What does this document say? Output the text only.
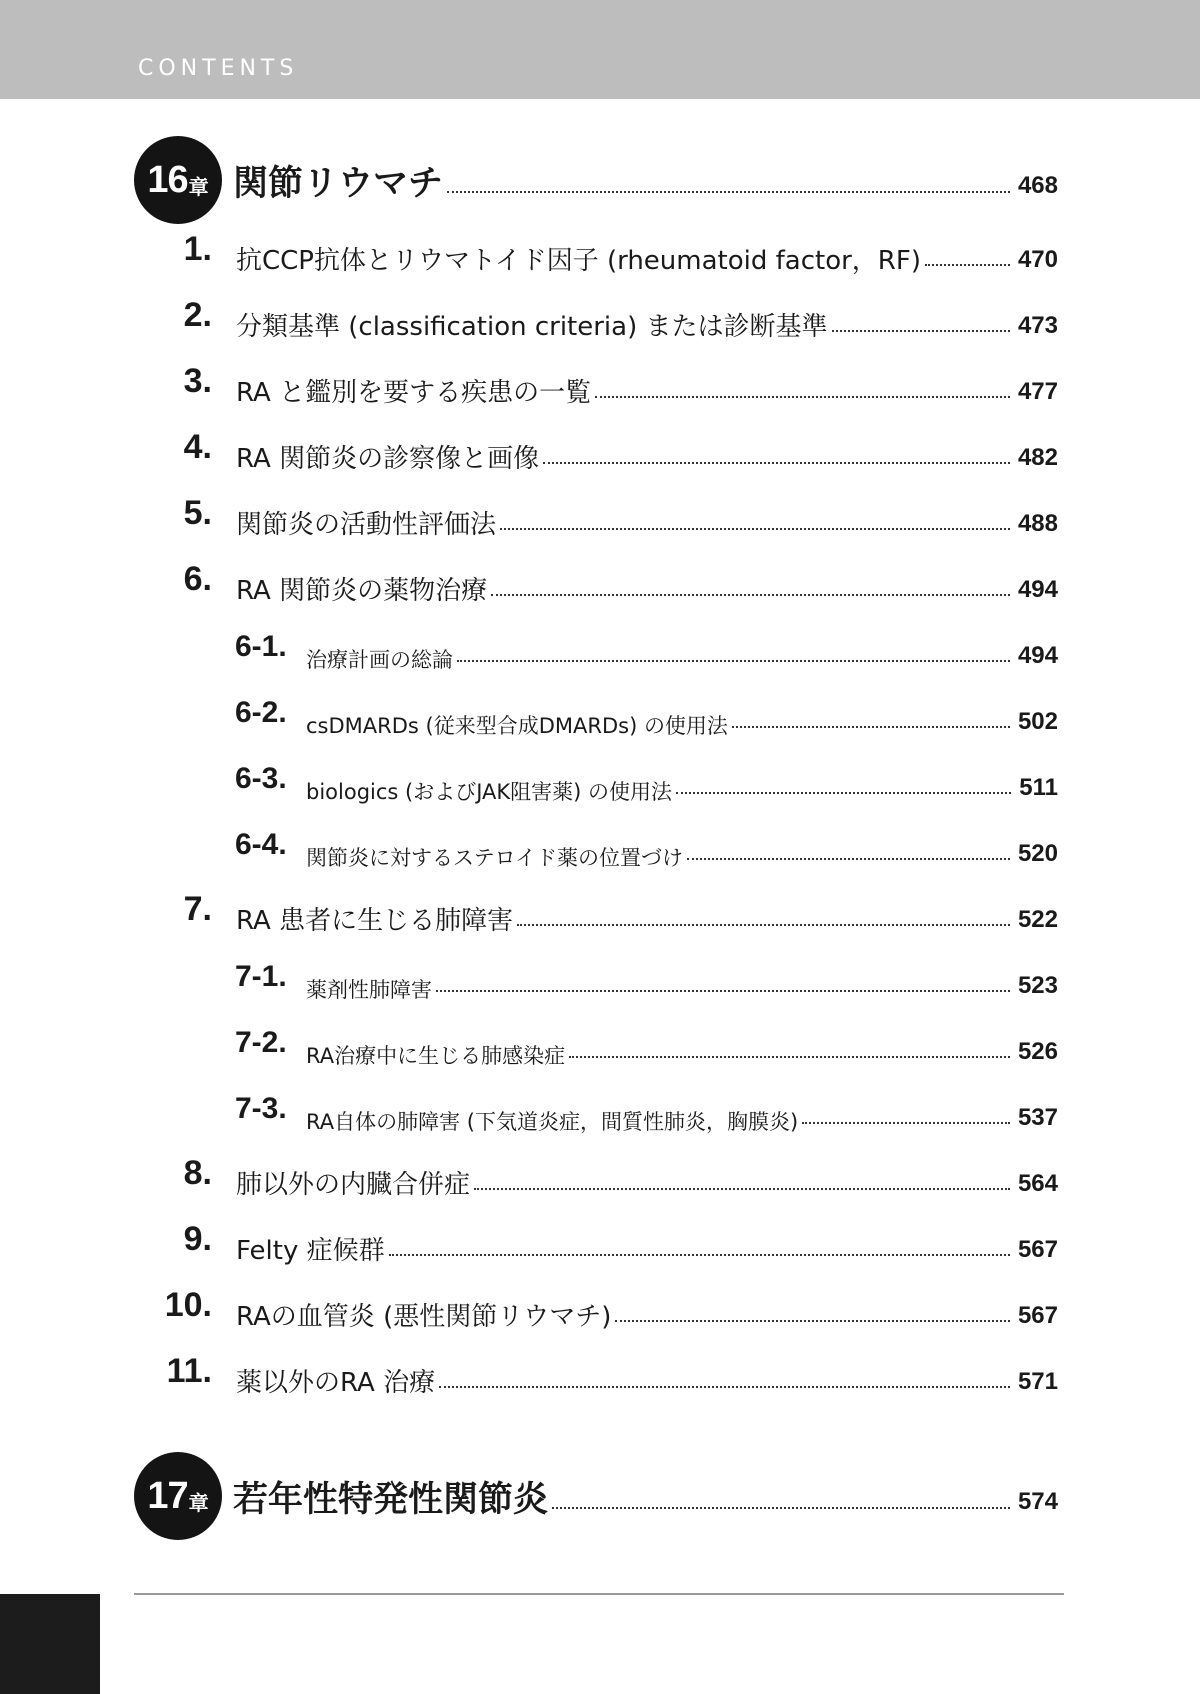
CONTENTS
16 章 関節リウマチ	468
1. 抗CCP抗体とリウマトイド因子 (rheumatoid factor，RF)	470
2. 分類基準 (classification criteria) または診断基準	473
3. RA と鑑別を要する疾患の一覧	477
4. RA 関節炎の診察像と画像	482
5. 関節炎の活動性評価法	488
6. RA 関節炎の薬物治療	494
6-1. 治療計画の総論	494
6-2. csDMARDs (従来型合成DMARDs) の使用法	502
6-3. biologics (およびJAK阻害薬) の使用法	511
6-4. 関節炎に対するステロイド薬の位置づけ	520
7. RA 患者に生じる肺障害	522
7-1. 薬剤性肺障害	523
7-2. RA治療中に生じる肺感染症	526
7-3. RA自体の肺障害 (下気道炎症，間質性肺炎，胸膜炎)	537
8. 肺以外の内臓合併症	564
9. Felty 症候群	567
10. RAの血管炎 (悪性関節リウマチ)	567
11. 薬以外のRA 治療	571
17 章 若年性特発性関節炎	574
